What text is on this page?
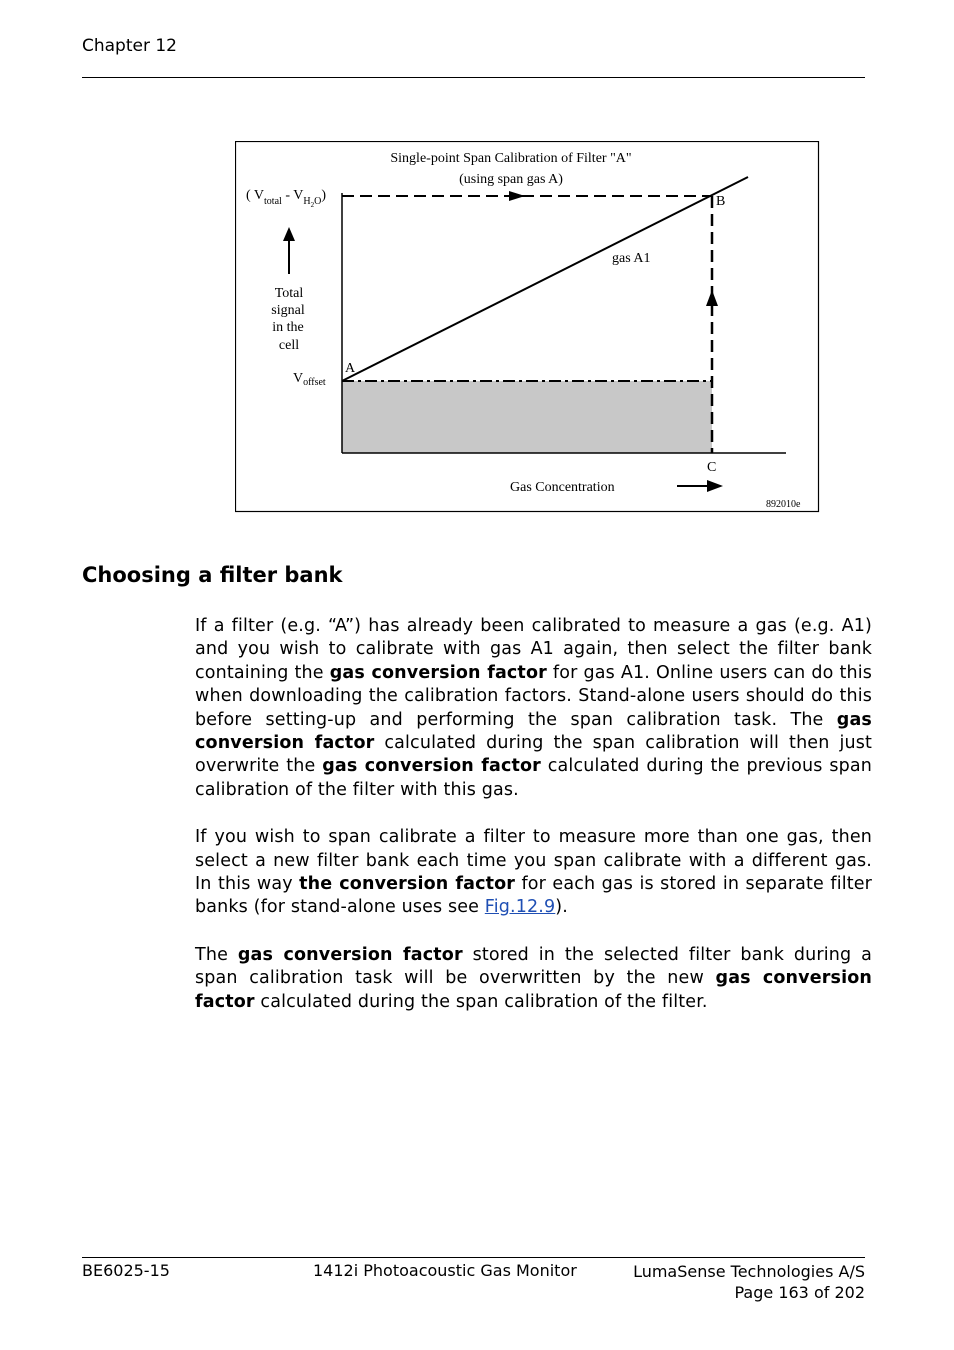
Chapter 12
Single-point Span Calibration of Filter "A"
(using span gas A)
A
B
C
gas A1
( $V_{total} - V_{H2}^O$)
Total
signal
in the
cell
$V_{offset}$
Gas Concentration
892010e
Choosing a filter bank

If a filter (e.g. “A”) has already been calibrated to measure a gas (e.g. A1) and you wish to calibrate with gas A1 again, then select the filter bank containing the gas conversion factor for gas A1. Online users can do this when downloading the calibration factors. Stand-alone users should do this before setting-up and performing the span calibration task. The gas conversion factor calculated during the span calibration will then just overwrite the gas conversion factor calculated during the previous span calibration of the filter with this gas.

If you wish to span calibrate a filter to measure more than one gas, then select a new filter bank each time you span calibrate with a different gas. In this way the conversion factor for each gas is stored in separate filter banks (for stand-alone uses see Fig.12.9).

The gas conversion factor stored in the selected filter bank during a span calibration task will be overwritten by the new gas conversion factor calculated during the span calibration of the filter.

BE6025-15	1412i Photoacoustic Gas Monitor	LumaSense Technologies A/S
Page 163 of 202
